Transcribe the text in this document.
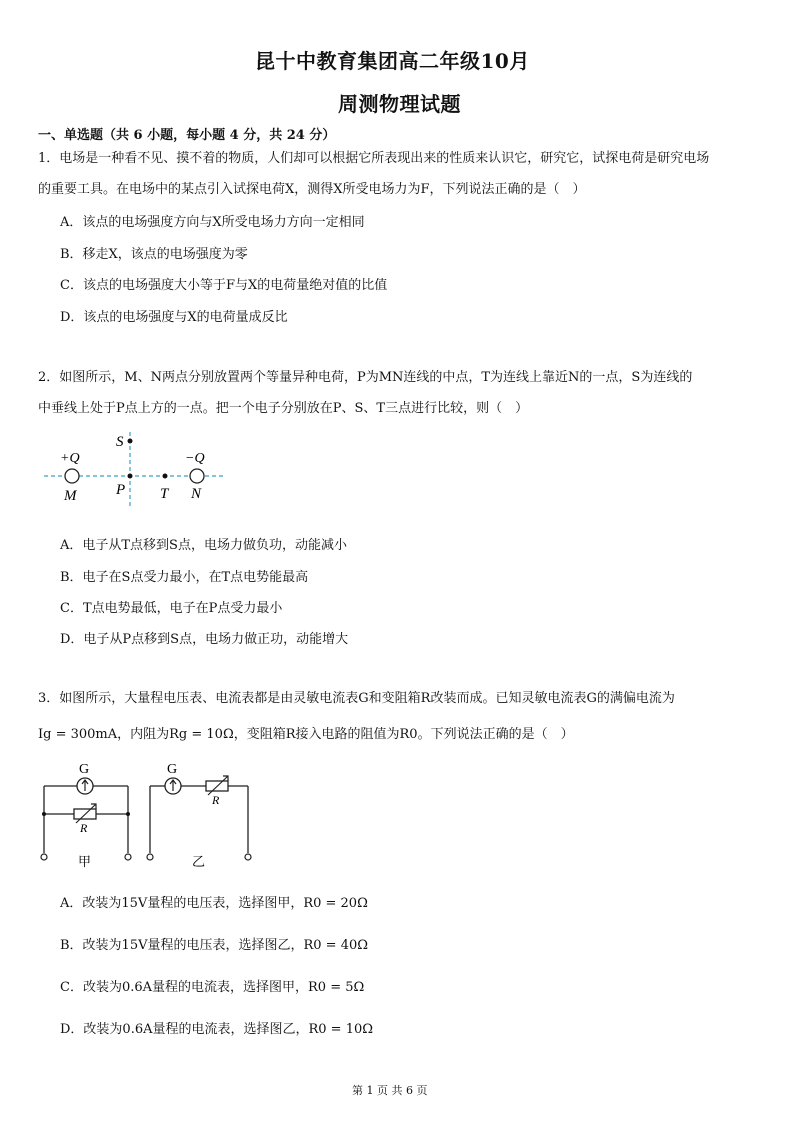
昆十中教育集团高二年级10月
周测物理试题
一、单选题（共 6 小题，每小题 4 分，共 24 分）
1．电场是一种看不见、摸不着的物质，人们却可以根据它所表现出来的性质来认识它，研究它，试探电荷是研究电场
的重要工具。在电场中的某点引入试探电荷X，测得X所受电场力为F，下列说法正确的是（　）
A．该点的电场强度方向与X所受电场力方向一定相同
B．移走X，该点的电场强度为零
C．该点的电场强度大小等于F与X的电荷量绝对值的比值
D．该点的电场强度与X的电荷量成反比
2．如图所示，M、N两点分别放置两个等量异种电荷，P为MN连线的中点，T为连线上靠近N的一点，S为连线的
中垂线上处于P点上方的一点。把一个电子分别放在P、S、T三点进行比较，则（　）
S
+Q	−Q
M	P T N
A．电子从T点移到S点，电场力做负功，动能减小
B．电子在S点受力最小，在T点电势能最高
C．T点电势最低，电子在P点受力最小
D．电子从P点移到S点，电场力做正功，动能增大
3．如图所示，大量程电压表、电流表都是由灵敏电流表G和变阻箱R改装而成。已知灵敏电流表G的满偏电流为
Ig = 300mA，内阻为Rg = 10Ω，变阻箱R接入电路的阻值为R0。下列说法正确的是（　）
G
R
甲
G
R
乙
A．改装为15V量程的电压表，选择图甲，R0 = 20Ω
B．改装为15V量程的电压表，选择图乙，R0 = 40Ω
C．改装为0.6A量程的电流表，选择图甲，R0 = 5Ω
D．改装为0.6A量程的电流表，选择图乙，R0 = 10Ω
第 1 页 共 6 页
